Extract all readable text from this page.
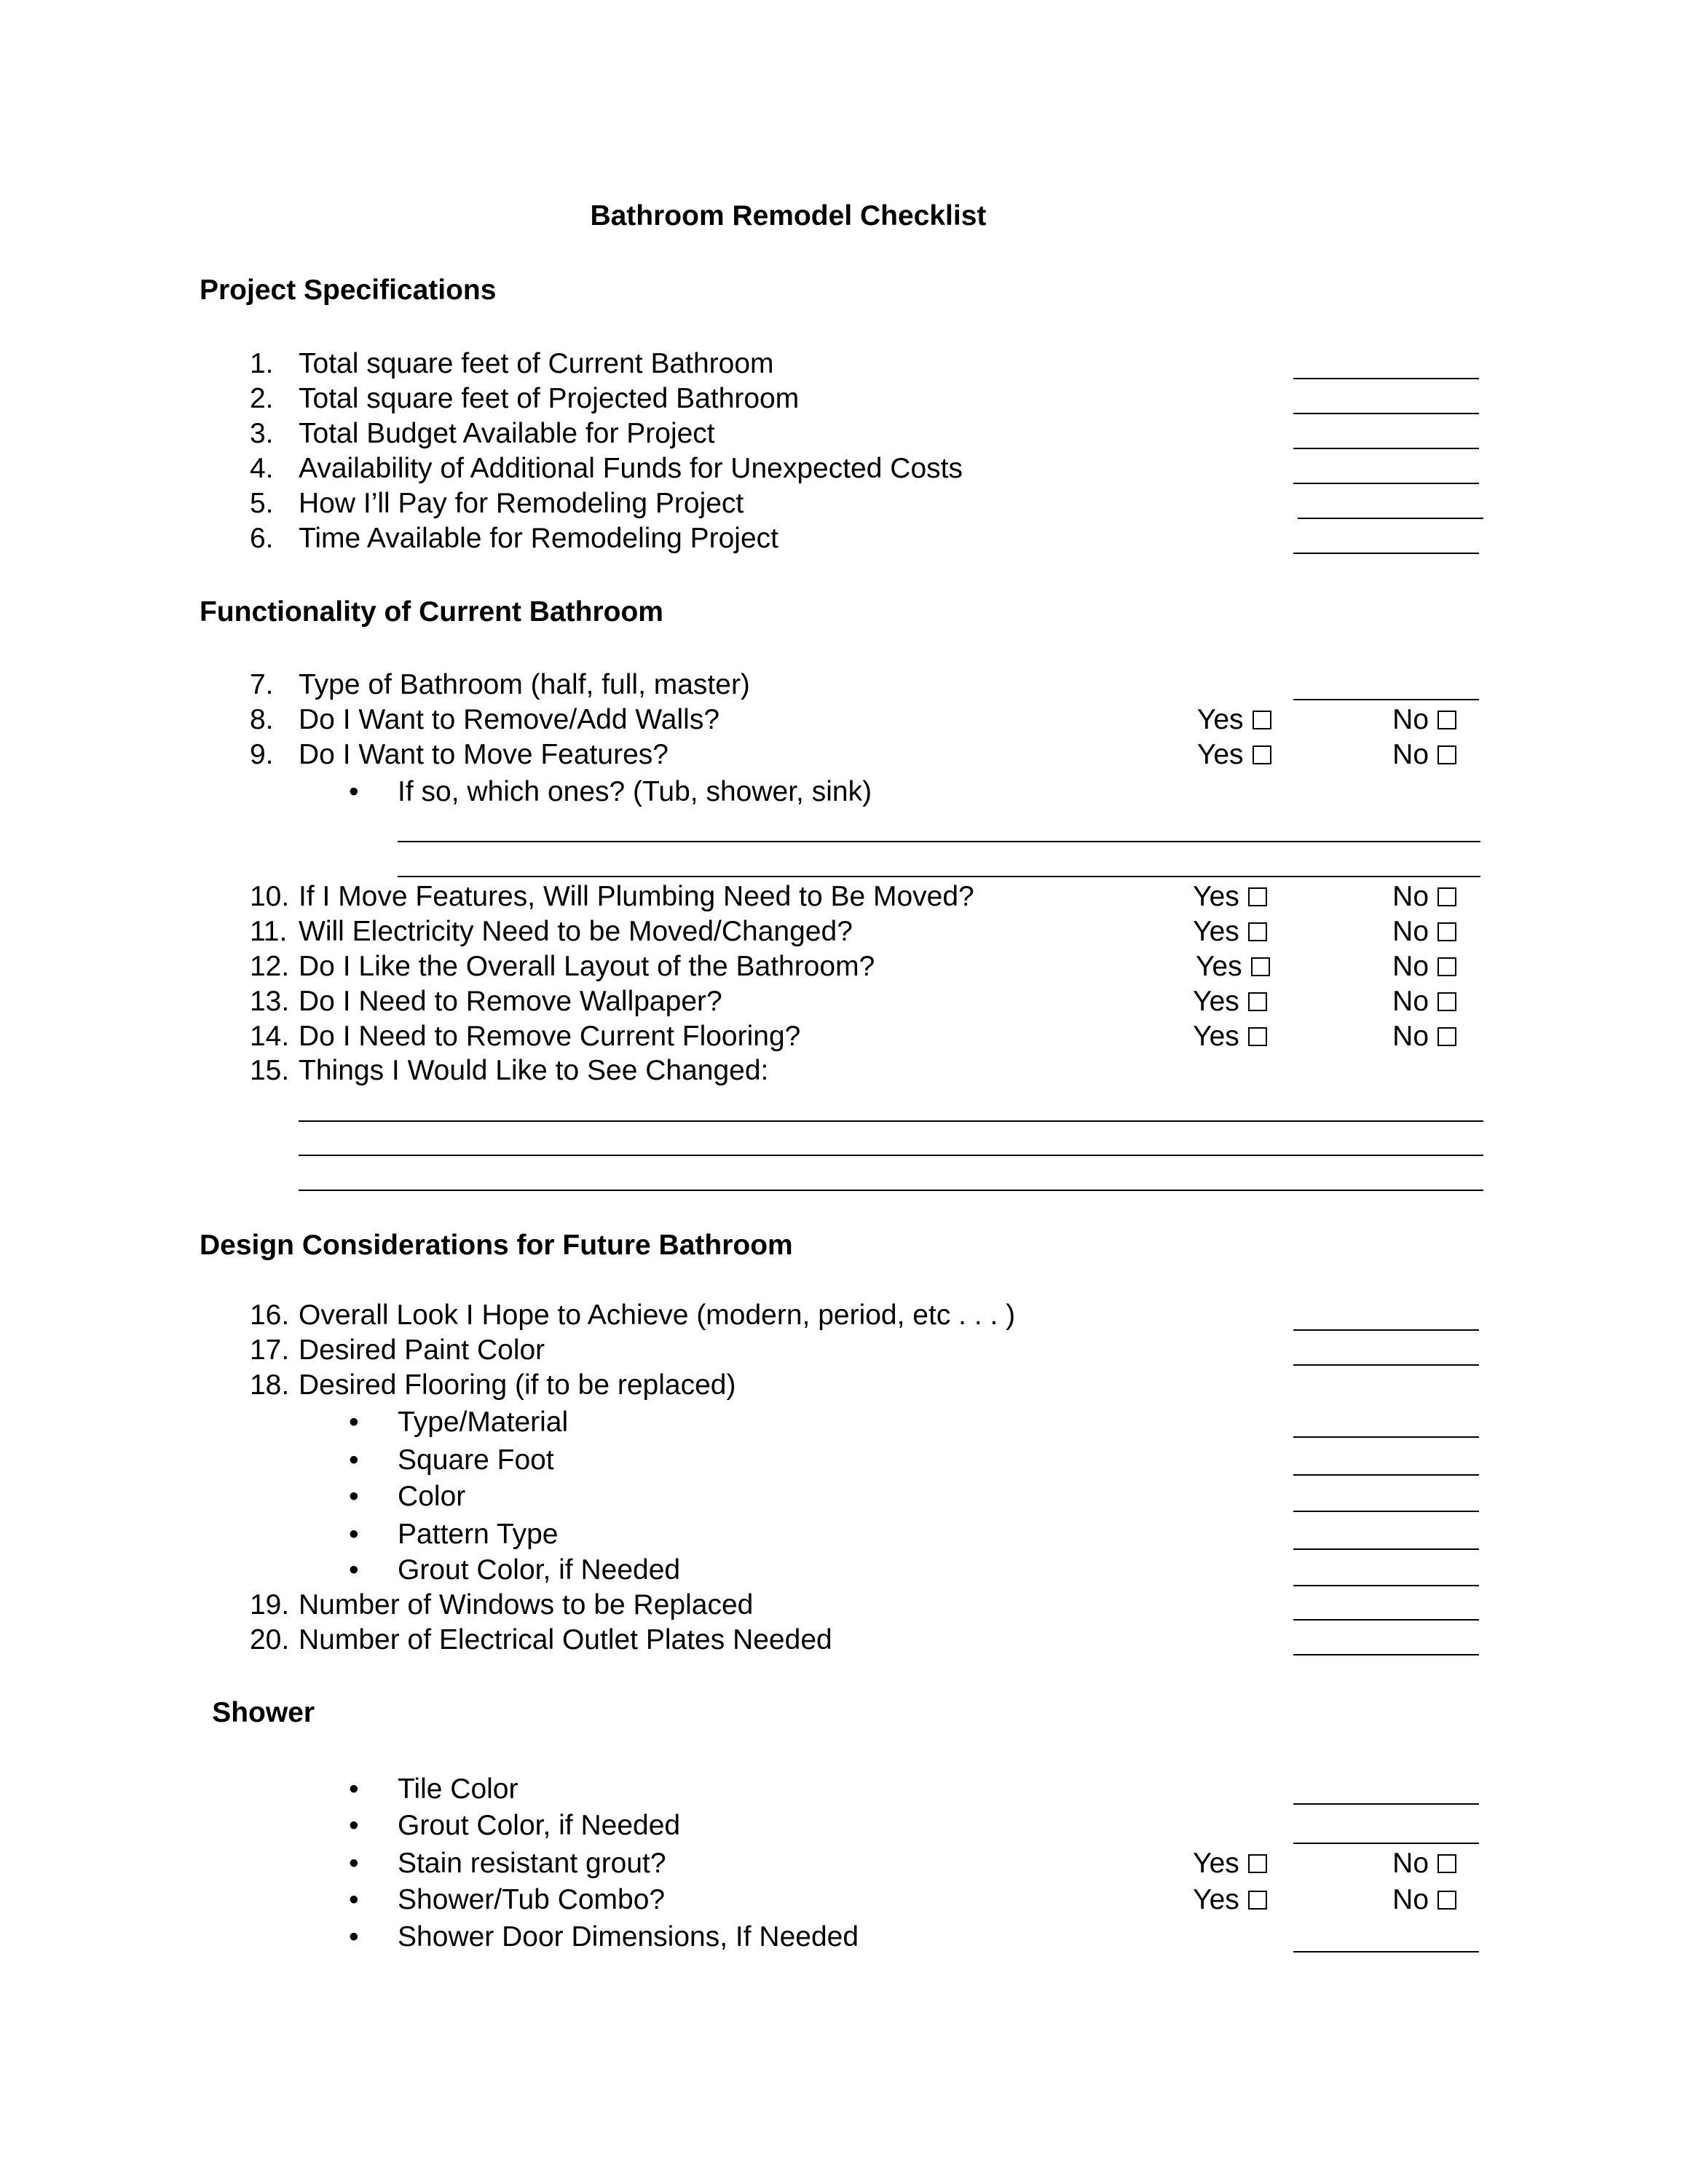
Bathroom Remodel Checklist
Project Specifications
1. Total square feet of Current Bathroom
2. Total square feet of Projected Bathroom
3. Total Budget Available for Project
4. Availability of Additional Funds for Unexpected Costs
5. How I’ll Pay for Remodeling Project
6. Time Available for Remodeling Project
Functionality of Current Bathroom
7. Type of Bathroom (half, full, master)
8. Do I Want to Remove/Add Walls?	Yes	No
9. Do I Want to Move Features?	Yes	No
• If so, which ones? (Tub, shower, sink)
10. If I Move Features, Will Plumbing Need to Be Moved?	Yes	No
11. Will Electricity Need to be Moved/Changed?	Yes	No
12. Do I Like the Overall Layout of the Bathroom?	Yes	No
13. Do I Need to Remove Wallpaper?	Yes	No
14. Do I Need to Remove Current Flooring?	Yes	No
15. Things I Would Like to See Changed:
Design Considerations for Future Bathroom
16. Overall Look I Hope to Achieve (modern, period, etc . . . )
17. Desired Paint Color
18. Desired Flooring (if to be replaced)
• Type/Material
• Square Foot
• Color
• Pattern Type
• Grout Color, if Needed
19. Number of Windows to be Replaced
20. Number of Electrical Outlet Plates Needed
Shower
• Tile Color
• Grout Color, if Needed
• Stain resistant grout?	Yes	No
• Shower/Tub Combo?	Yes	No
• Shower Door Dimensions, If Needed
